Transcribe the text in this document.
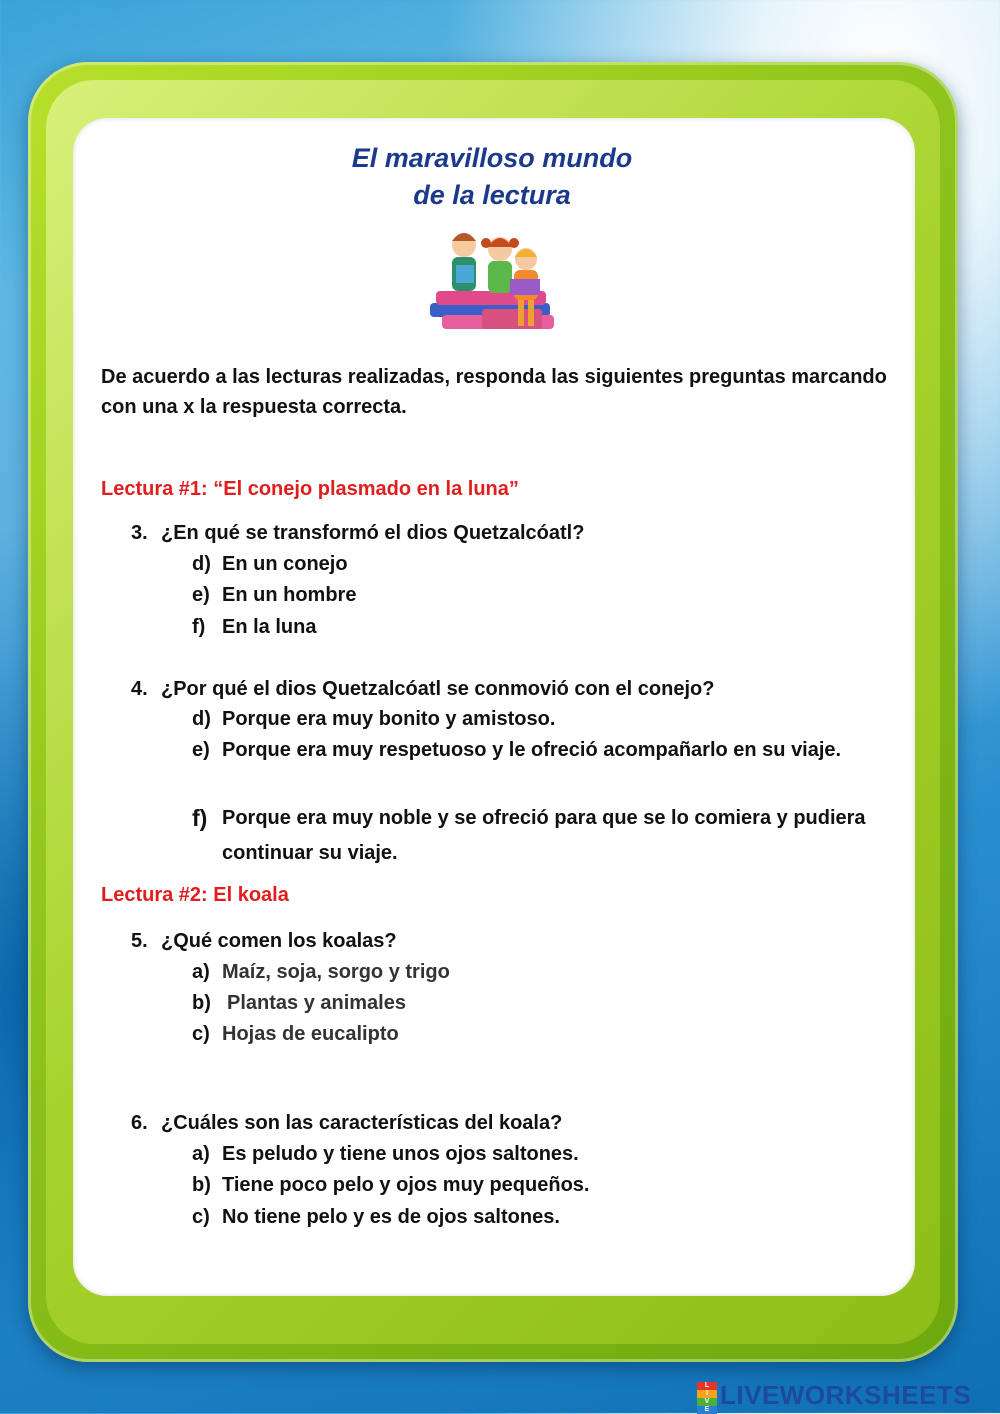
El maravilloso mundo
de la lectura
De acuerdo a las lecturas realizadas, responda las siguientes preguntas marcando con una x la respuesta correcta.
Lectura #1: “El conejo plasmado en la luna”
3. ¿En qué se transformó el dios Quetzalcóatl?
d) En un conejo
e) En un hombre
f) En la luna
4. ¿Por qué el dios Quetzalcóatl se conmovió con el conejo?
d) Porque era muy bonito y amistoso.
e) Porque era muy respetuoso y le ofreció acompañarlo en su viaje.
f) Porque era muy noble y se ofreció para que se lo comiera y pudiera continuar su viaje.
Lectura #2: El koala
5. ¿Qué comen los koalas?
a) Maíz, soja, sorgo y trigo
b) Plantas y animales
c) Hojas de eucalipto
6. ¿Cuáles son las características del koala?
a) Es peludo y tiene unos ojos saltones.
b) Tiene poco pelo y ojos muy pequeños.
c) No tiene pelo y es de ojos saltones.
L
I
V
E LIVEWORKSHEETS
